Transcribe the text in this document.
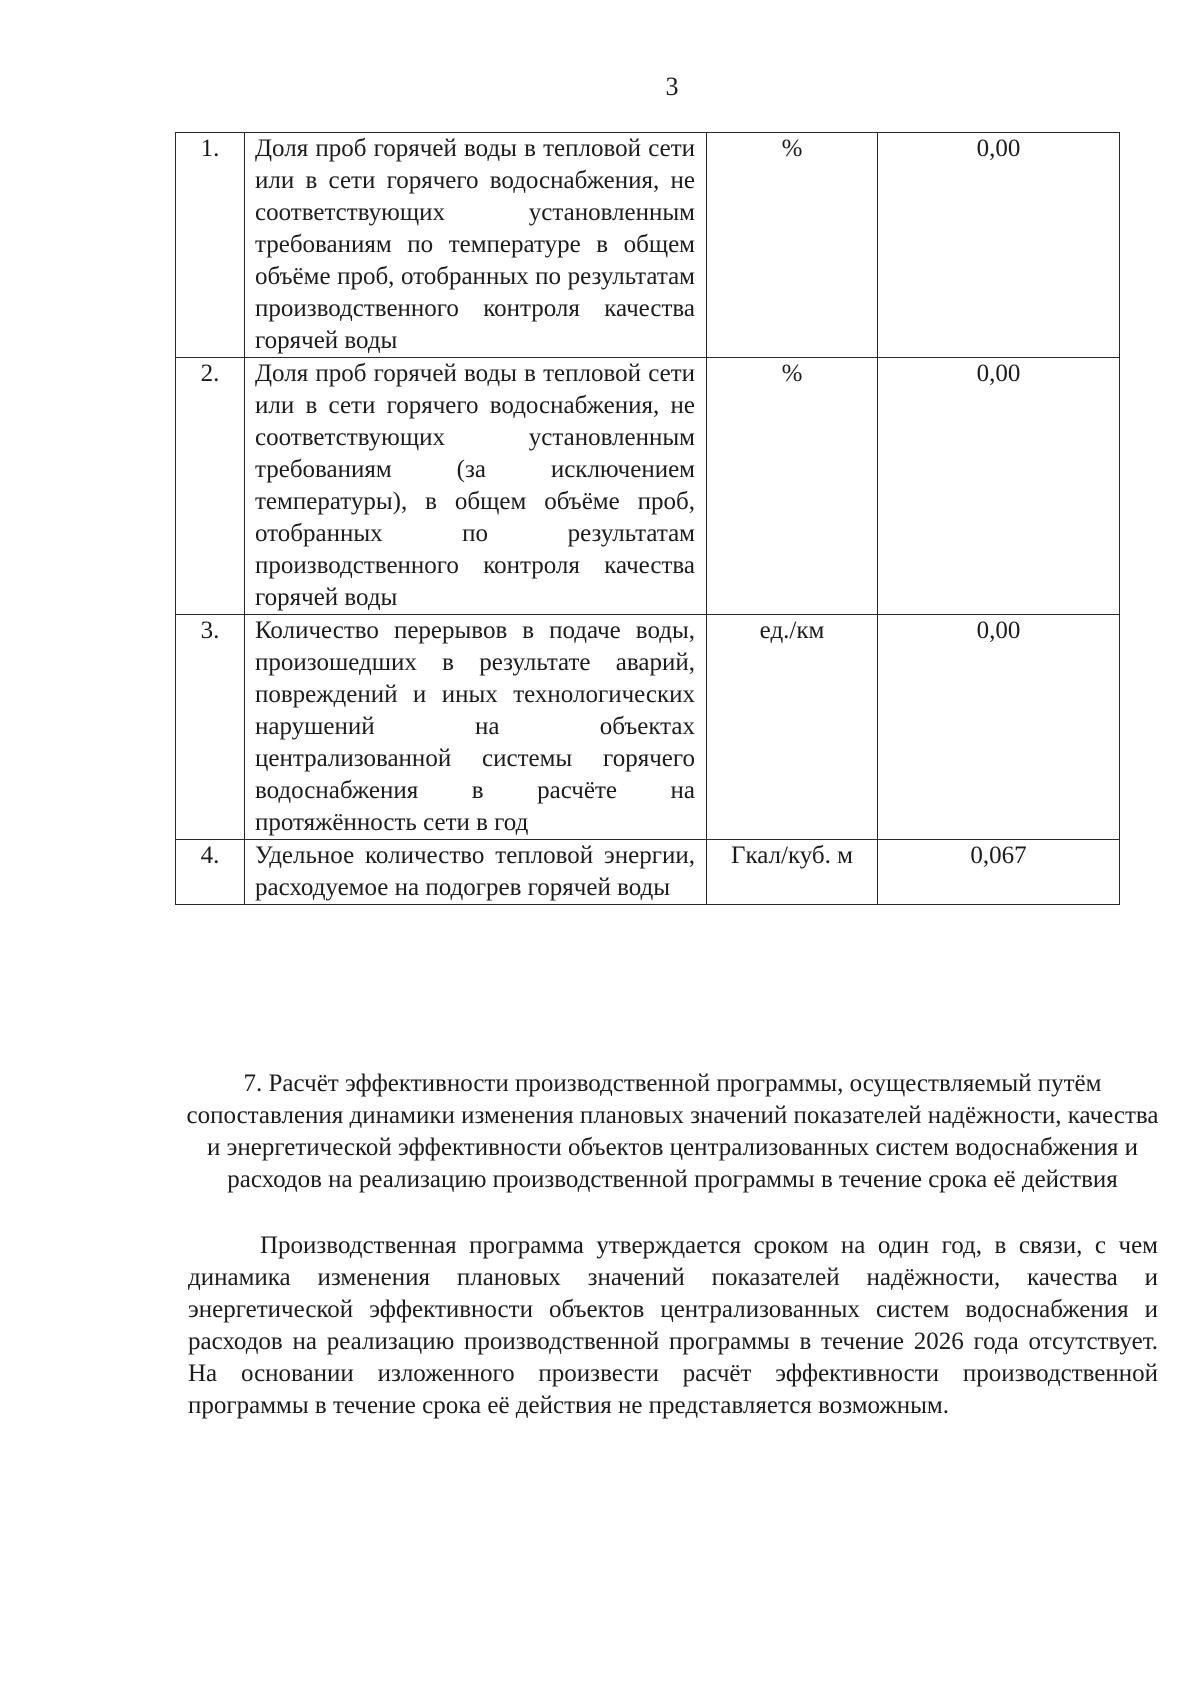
3
1.	Доля проб горячей воды в тепловой сети или в сети горячего водоснабжения, не соответствующих установленным требованиям по температуре в общем объёме проб, отобранных по результатам производственного контроля качества горячей воды	%	0,00
2.	Доля проб горячей воды в тепловой сети или в сети горячего водоснабжения, не соответствующих установленным требованиям (за исключением температуры), в общем объёме проб, отобранных по результатам производственного контроля качества горячей воды	%	0,00
3.	Количество перерывов в подаче воды, произошедших в результате аварий, повреждений и иных технологических нарушений на объектах централизованной системы горячего водоснабжения в расчёте на протяжённость сети в год	ед./км	0,00
4.	Удельное количество тепловой энергии, расходуемое на подогрев горячей воды	Гкал/куб. м	0,067
7. Расчёт эффективности производственной программы, осуществляемый путём сопоставления динамики изменения плановых значений показателей надёжности, качества и энергетической эффективности объектов централизованных систем водоснабжения и расходов на реализацию производственной программы в течение срока её действия

Производственная программа утверждается сроком на один год, в связи, с чем динамика изменения плановых значений показателей надёжности, качества и энергетической эффективности объектов централизованных систем водоснабжения и расходов на реализацию производственной программы в течение 2026 года отсутствует. На основании изложенного произвести расчёт эффективности производственной программы в течение срока её действия не представляется возможным.
